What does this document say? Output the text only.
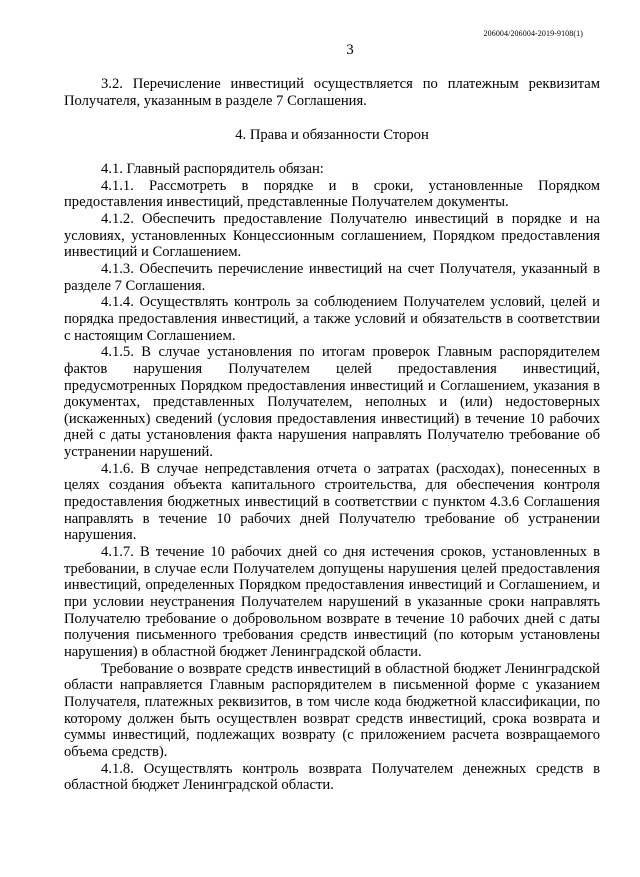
206004/206004-2019-9108(1)
3

3.2. Перечисление инвестиций осуществляется по платежным реквизитам Получателя, указанным в разделе 7 Соглашения.

4. Права и обязанности Сторон

4.1. Главный распорядитель обязан:

4.1.1. Рассмотреть в порядке и в сроки, установленные Порядком предоставления инвестиций, представленные Получателем документы.

4.1.2. Обеспечить предоставление Получателю инвестиций в порядке и на условиях, установленных Концессионным соглашением, Порядком предоставления инвестиций и Соглашением.

4.1.3. Обеспечить перечисление инвестиций на счет Получателя, указанный в разделе 7 Соглашения.

4.1.4. Осуществлять контроль за соблюдением Получателем условий, целей и порядка предоставления инвестиций, а также условий и обязательств в соответствии с настоящим Соглашением.

4.1.5. В случае установления по итогам проверок Главным распорядителем фактов нарушения Получателем целей предоставления инвестиций, предусмотренных Порядком предоставления инвестиций и Соглашением, указания в документах, представленных Получателем, неполных и (или) недостоверных (искаженных) сведений (условия предоставления инвестиций) в течение 10 рабочих дней с даты установления факта нарушения направлять Получателю требование об устранении нарушений.

4.1.6. В случае непредставления отчета о затратах (расходах), понесенных в целях создания объекта капитального строительства, для обеспечения контроля предоставления бюджетных инвестиций в соответствии с пунктом 4.3.6 Соглашения направлять в течение 10 рабочих дней Получателю требование об устранении нарушения.

4.1.7. В течение 10 рабочих дней со дня истечения сроков, установленных в требовании, в случае если Получателем допущены нарушения целей предоставления инвестиций, определенных Порядком предоставления инвестиций и Соглашением, и при условии неустранения Получателем нарушений в указанные сроки направлять Получателю требование о добровольном возврате в течение 10 рабочих дней с даты получения письменного требования средств инвестиций (по которым установлены нарушения) в областной бюджет Ленинградской области.

Требование о возврате средств инвестиций в областной бюджет Ленинградской области направляется Главным распорядителем в письменной форме с указанием Получателя, платежных реквизитов, в том числе кода бюджетной классификации, по которому должен быть осуществлен возврат средств инвестиций, срока возврата и суммы инвестиций, подлежащих возврату (с приложением расчета возвращаемого объема средств).

4.1.8. Осуществлять контроль возврата Получателем денежных средств в областной бюджет Ленинградской области.
